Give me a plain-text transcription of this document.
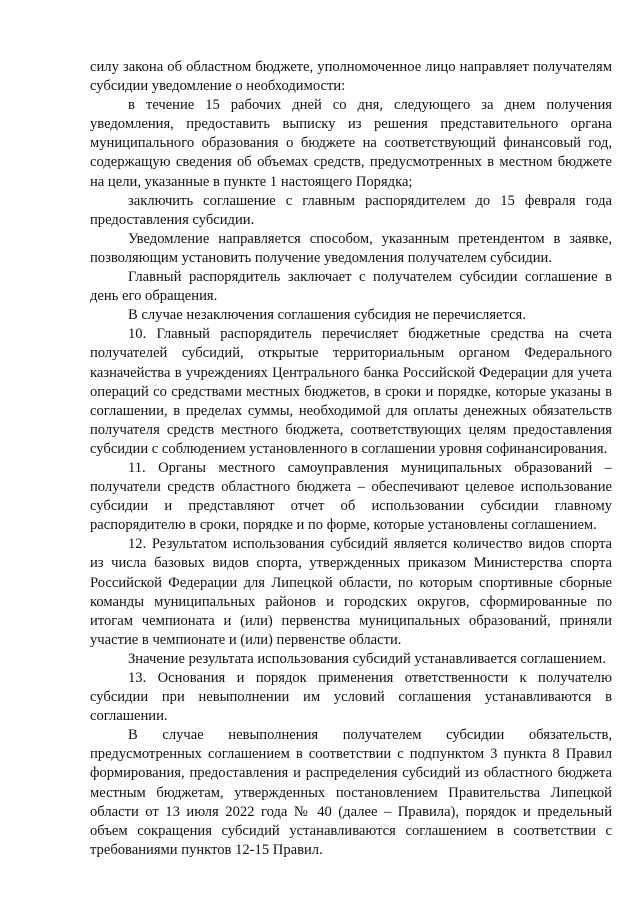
силу закона об областном бюджете, уполномоченное лицо направляет получателям субсидии уведомление о необходимости:

в течение 15 рабочих дней со дня, следующего за днем получения уведомления, предоставить выписку из решения представительного органа муниципального образования о бюджете на соответствующий финансовый год, содержащую сведения об объемах средств, предусмотренных в местном бюджете на цели, указанные в пункте 1 настоящего Порядка;

заключить соглашение с главным распорядителем до 15 февраля года предоставления субсидии.

Уведомление направляется способом, указанным претендентом в заявке, позволяющим установить получение уведомления получателем субсидии.

Главный распорядитель заключает с получателем субсидии соглашение в день его обращения.

В случае незаключения соглашения субсидия не перечисляется.

10. Главный распорядитель перечисляет бюджетные средства на счета получателей субсидий, открытые территориальным органом Федерального казначейства в учреждениях Центрального банка Российской Федерации для учета операций со средствами местных бюджетов, в сроки и порядке, которые указаны в соглашении, в пределах суммы, необходимой для оплаты денежных обязательств получателя средств местного бюджета, соответствующих целям предоставления субсидии с соблюдением установленного в соглашении уровня софинансирования.

11. Органы местного самоуправления муниципальных образований – получатели средств областного бюджета – обеспечивают целевое использование субсидии и представляют отчет об использовании субсидии главному распорядителю в сроки, порядке и по форме, которые установлены соглашением.

12. Результатом использования субсидий является количество видов спорта из числа базовых видов спорта, утвержденных приказом Министерства спорта Российской Федерации для Липецкой области, по которым спортивные сборные команды муниципальных районов и городских округов, сформированные по итогам чемпионата и (или) первенства муниципальных образований, приняли участие в чемпионате и (или) первенстве области.

Значение результата использования субсидий устанавливается соглашением.

13. Основания и порядок применения ответственности к получателю субсидии при невыполнении им условий соглашения устанавливаются в соглашении.

В случае невыполнения получателем субсидии обязательств, предусмотренных соглашением в соответствии с подпунктом 3 пункта 8 Правил формирования, предоставления и распределения субсидий из областного бюджета местным бюджетам, утвержденных постановлением Правительства Липецкой области от 13 июля 2022 года № 40 (далее – Правила), порядок и предельный объем сокращения субсидий устанавливаются соглашением в соответствии с требованиями пунктов 12-15 Правил.
